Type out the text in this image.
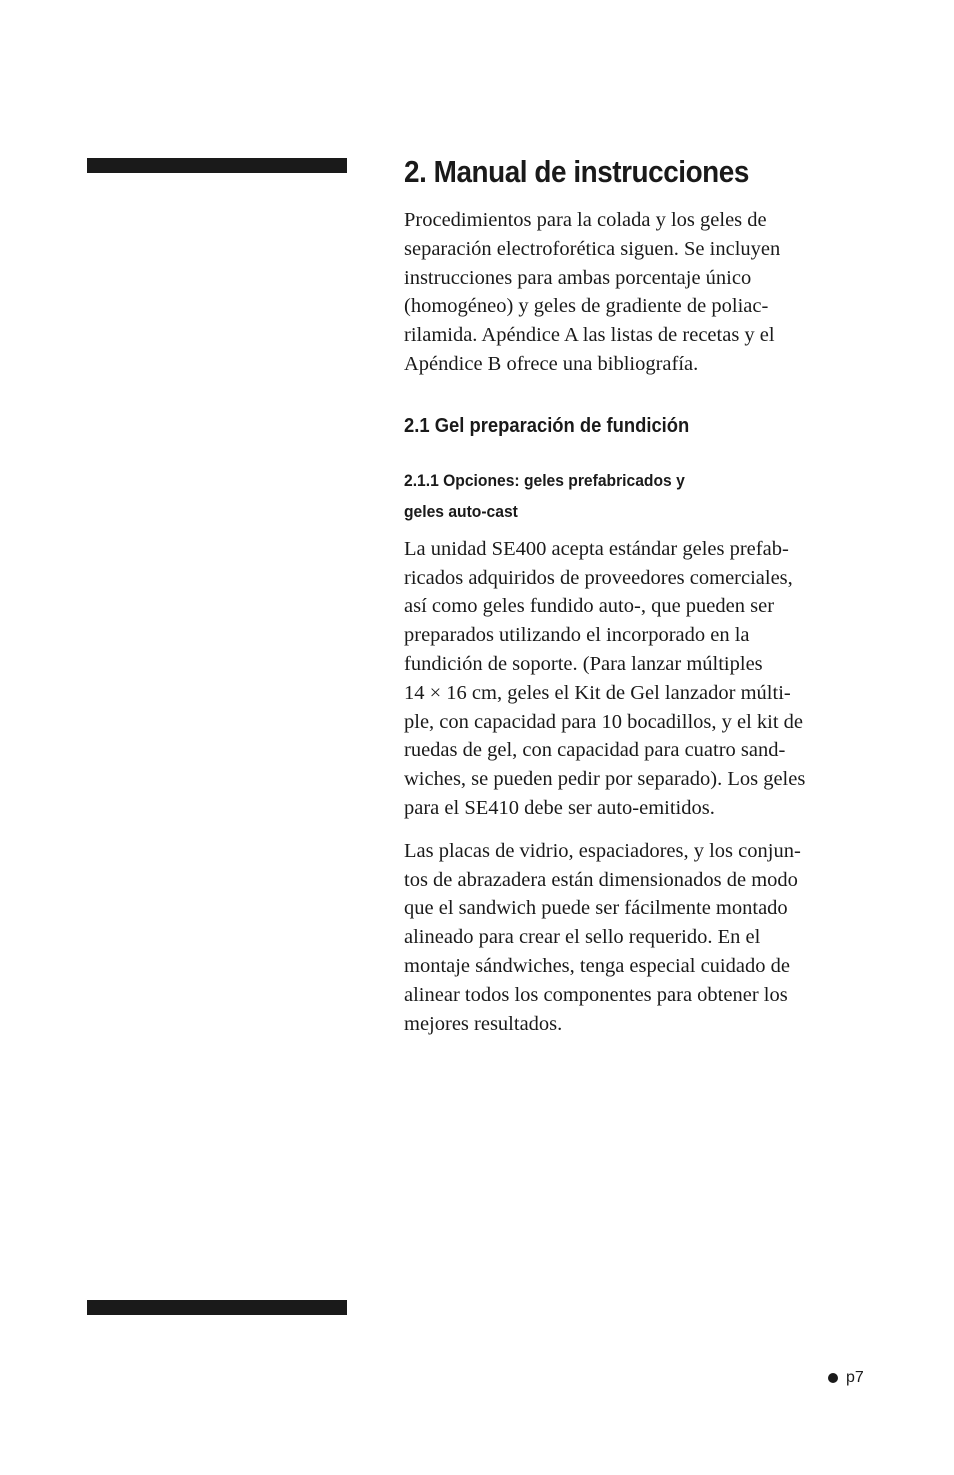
2. Manual de instrucciones

Procedimientos para la colada y los geles de
separación electroforética siguen. Se incluyen
instrucciones para ambas porcentaje único
(homogéneo) y geles de gradiente de poliac-
rilamida. Apéndice A las listas de recetas y el
Apéndice B ofrece una bibliografía.

2.1 Gel preparación de fundición
2.1.1 Opciones: geles prefabricados y
geles auto-cast

La unidad SE400 acepta estándar geles prefab-
ricados adquiridos de proveedores comerciales,
así como geles fundido auto-, que pueden ser
preparados utilizando el incorporado en la
fundición de soporte. (Para lanzar múltiples
14 × 16 cm, geles el Kit de Gel lanzador múlti-
ple, con capacidad para 10 bocadillos, y el kit de
ruedas de gel, con capacidad para cuatro sand-
wiches, se pueden pedir por separado). Los geles
para el SE410 debe ser auto-emitidos.

Las placas de vidrio, espaciadores, y los conjun-
tos de abrazadera están dimensionados de modo
que el sandwich puede ser fácilmente montado
alineado para crear el sello requerido. En el
montaje sándwiches, tenga especial cuidado de
alinear todos los componentes para obtener los
mejores resultados.

p7
